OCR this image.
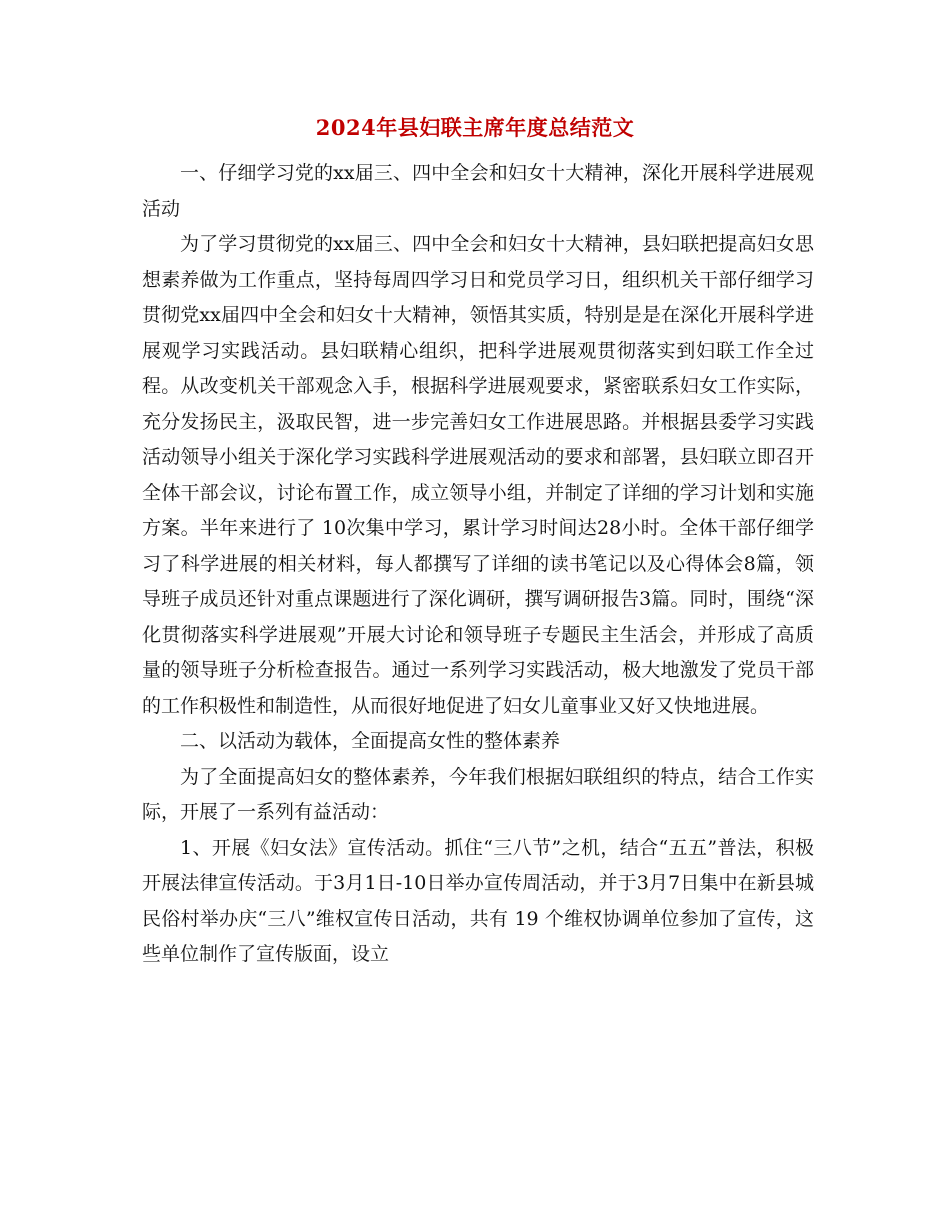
2024年县妇联主席年度总结范文

一、仔细学习党的xx届三、四中全会和妇女十大精神，深化开展科学进展观活动

为了学习贯彻党的xx届三、四中全会和妇女十大精神，县妇联把提高妇女思想素养做为工作重点，坚持每周四学习日和党员学习日，组织机关干部仔细学习贯彻党xx届四中全会和妇女十大精神，领悟其实质，特别是是在深化开展科学进展观学习实践活动。县妇联精心组织，把科学进展观贯彻落实到妇联工作全过程。从改变机关干部观念入手，根据科学进展观要求，紧密联系妇女工作实际，充分发扬民主，汲取民智，进一步完善妇女工作进展思路。并根据县委学习实践活动领导小组关于深化学习实践科学进展观活动的要求和部署，县妇联立即召开全体干部会议，讨论布置工作，成立领导小组，并制定了详细的学习计划和实施方案。半年来进行了 10次集中学习，累计学习时间达28小时。全体干部仔细学习了科学进展的相关材料，每人都撰写了详细的读书笔记以及心得体会8篇，领导班子成员还针对重点课题进行了深化调研，撰写调研报告3篇。同时，围绕“深化贯彻落实科学进展观”开展大讨论和领导班子专题民主生活会，并形成了高质量的领导班子分析检查报告。通过一系列学习实践活动，极大地激发了党员干部的工作积极性和制造性，从而很好地促进了妇女儿童事业又好又快地进展。

二、以活动为载体，全面提高女性的整体素养

为了全面提高妇女的整体素养，今年我们根据妇联组织的特点，结合工作实际，开展了一系列有益活动：

1、开展《妇女法》宣传活动。抓住“三八节”之机，结合“五五”普法，积极开展法律宣传活动。于3月1日-10日举办宣传周活动，并于3月7日集中在新县城民俗村举办庆“三八”维权宣传日活动，共有 19 个维权协调单位参加了宣传，这些单位制作了宣传版面，设立
